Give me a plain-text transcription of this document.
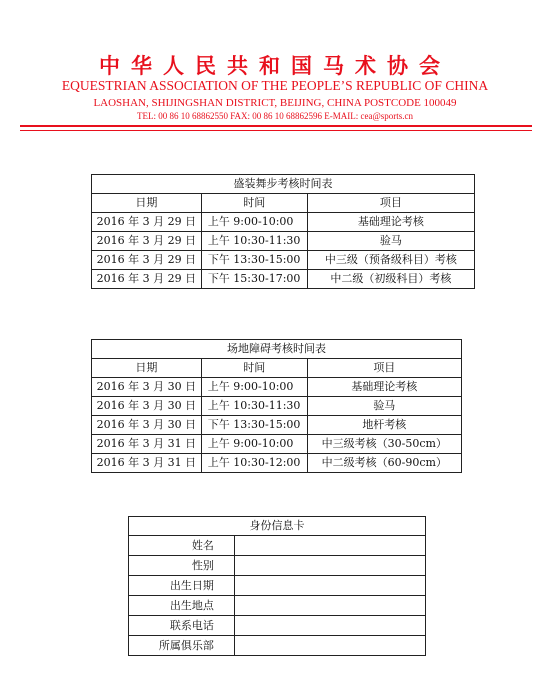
中华人民共和国马术协会
EQUESTRIAN ASSOCIATION OF THE PEOPLE’S REPUBLIC OF CHINA
LAOSHAN, SHIJINGSHAN DISTRICT, BEIJING, CHINA POSTCODE 100049
TEL: 00 86 10 68862550 FAX: 00 86 10 68862596 E-MAIL: cea@sports.cn
盛装舞步考核时间表		
日期	时间	项目
2016 年 3 月 29 日	上午 9:00-10:00	基础理论考核
2016 年 3 月 29 日	上午 10:30-11:30	验马
2016 年 3 月 29 日	下午 13:30-15:00	中三级（预备级科目）考核
2016 年 3 月 29 日	下午 15:30-17:00	中二级（初级科目）考核
场地障碍考核时间表		
日期	时间	项目
2016 年 3 月 30 日	上午 9:00-10:00	基础理论考核
2016 年 3 月 30 日	上午 10:30-11:30	验马
2016 年 3 月 30 日	下午 13:30-15:00	地杆考核
2016 年 3 月 31 日	上午 9:00-10:00	中三级考核（30-50cm）
2016 年 3 月 31 日	上午 10:30-12:00	中二级考核（60-90cm）
身份信息卡	
姓名	
性别	
出生日期	
出生地点	
联系电话	
所属俱乐部	
